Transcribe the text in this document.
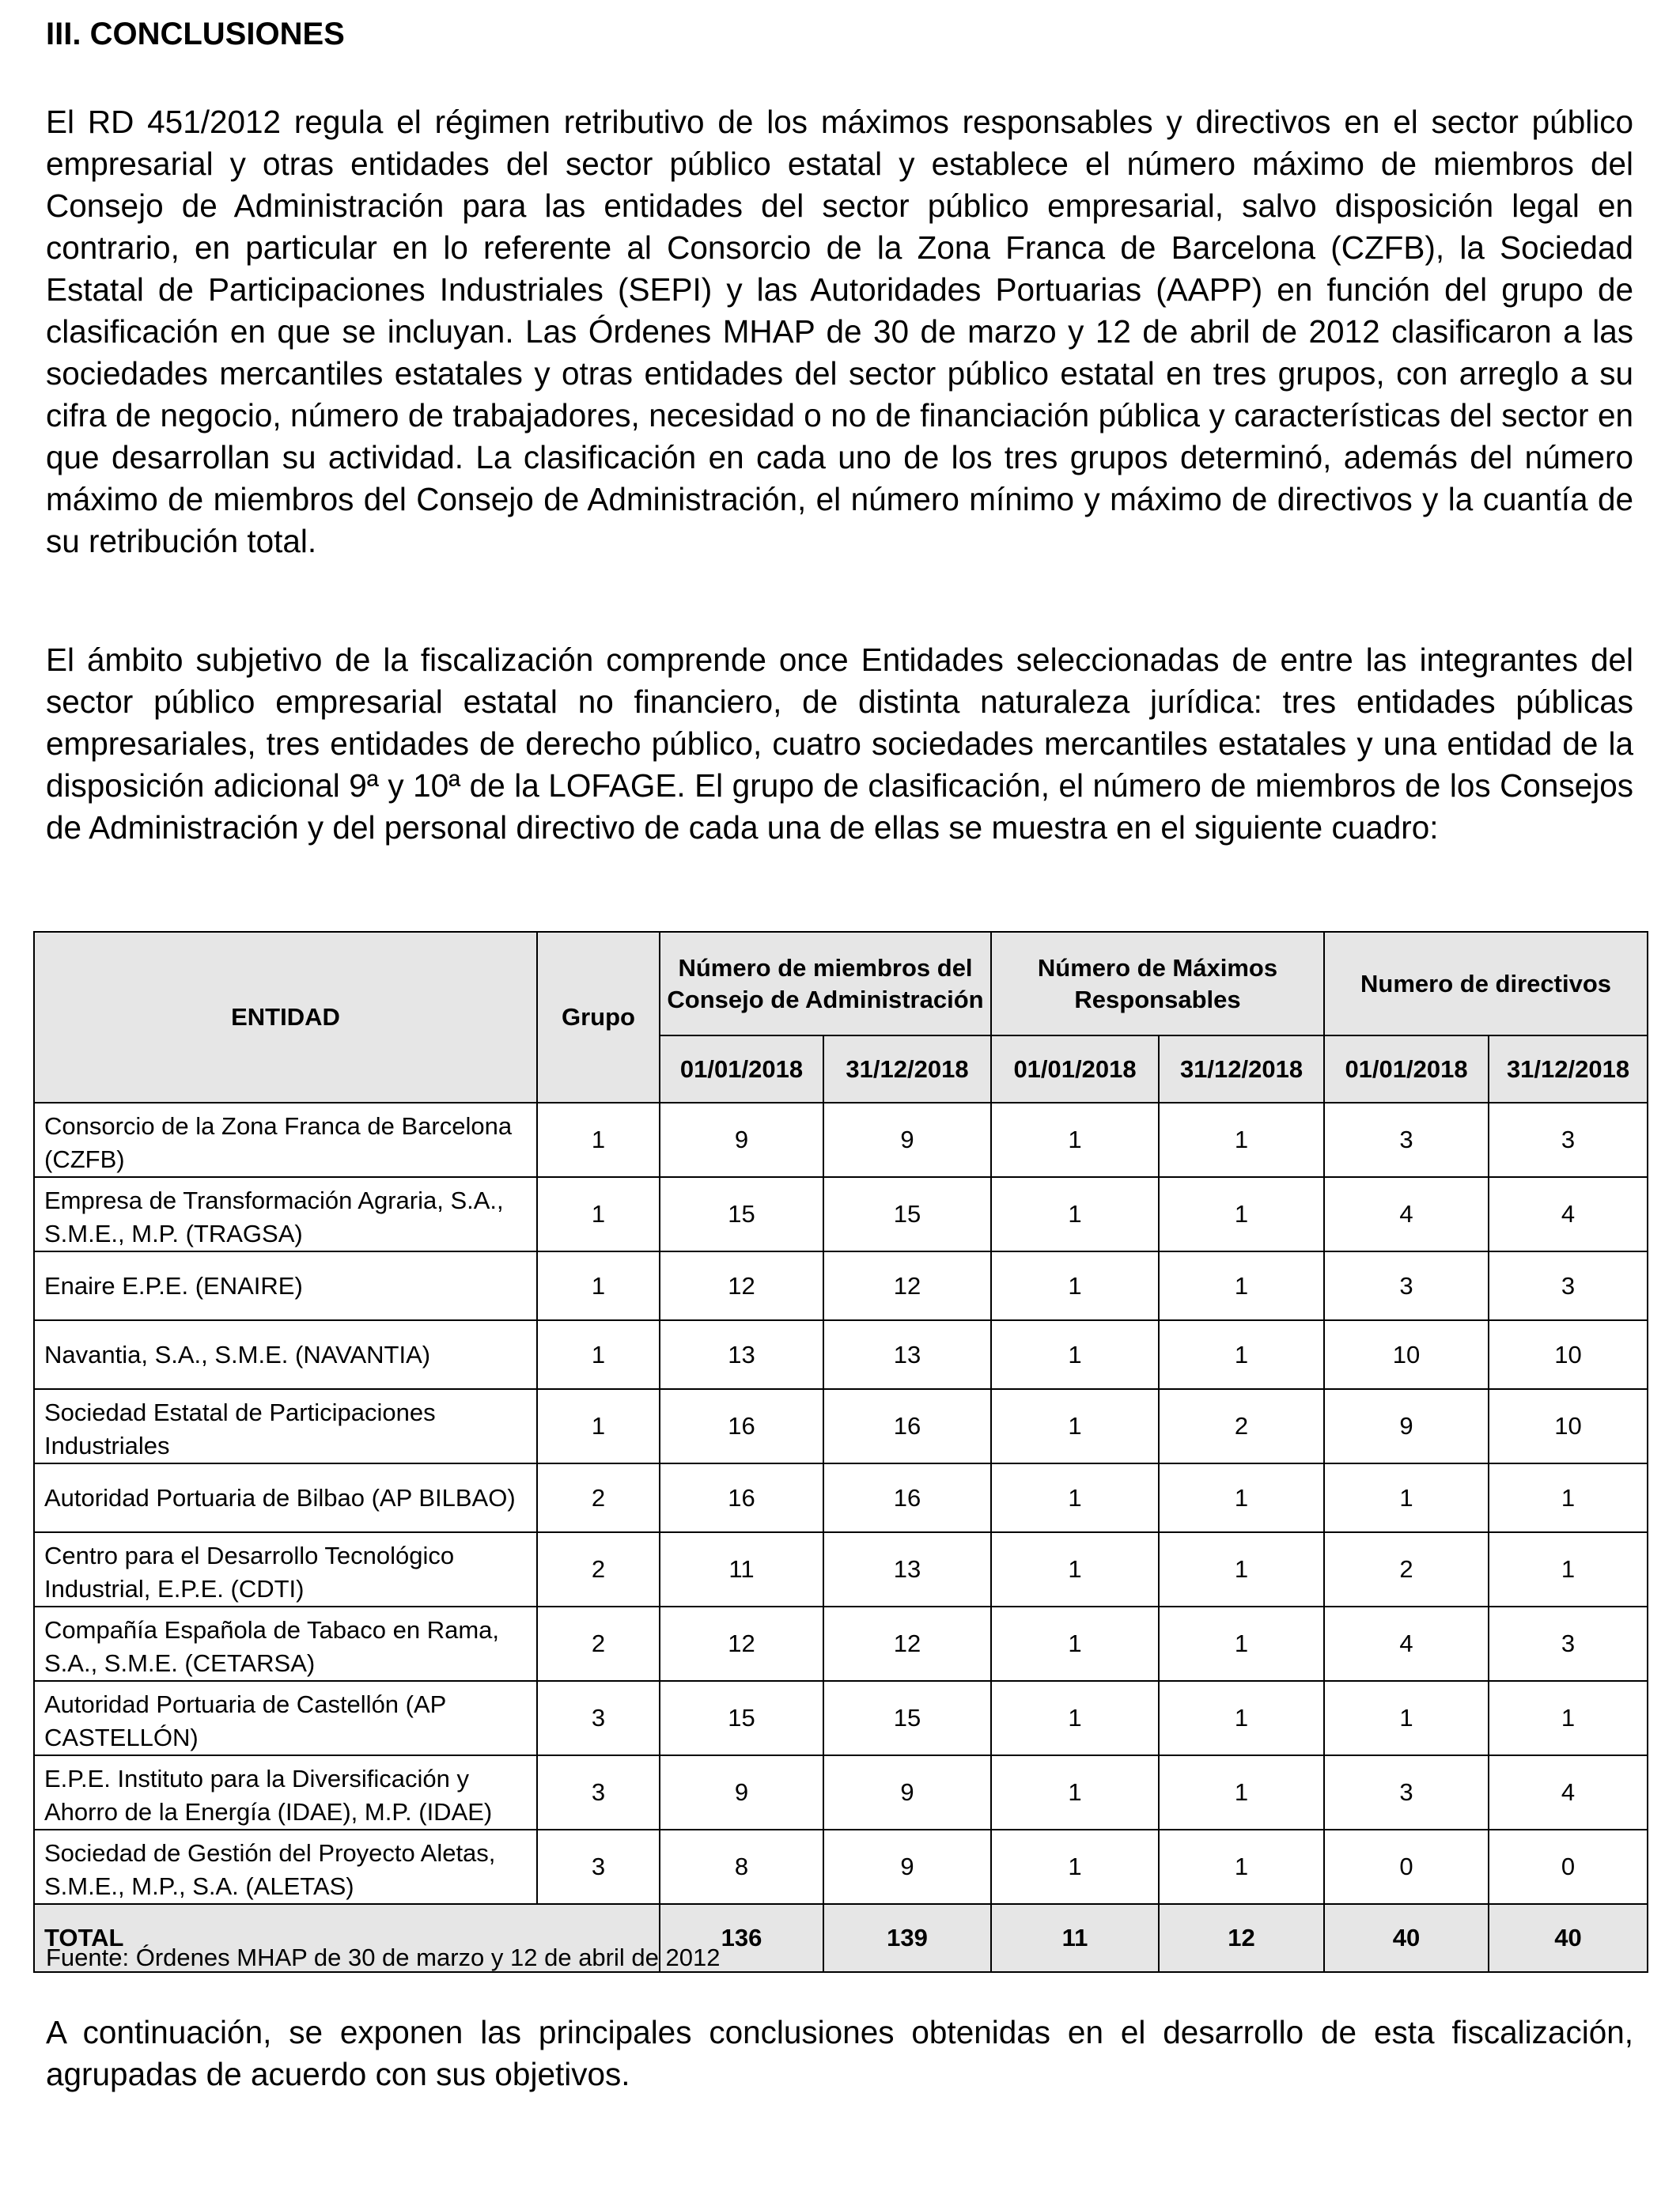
III. CONCLUSIONES

El RD 451/2012 regula el régimen retributivo de los máximos responsables y directivos en el sector público empresarial y otras entidades del sector público estatal y establece el número máximo de miembros del Consejo de Administración para las entidades del sector público empresarial, salvo disposición legal en contrario, en particular en lo referente al Consorcio de la Zona Franca de Barcelona (CZFB), la Sociedad Estatal de Participaciones Industriales (SEPI) y las Autoridades Portuarias (AAPP) en función del grupo de clasificación en que se incluyan. Las Órdenes MHAP de 30 de marzo y 12 de abril de 2012 clasificaron a las sociedades mercantiles estatales y otras entidades del sector público estatal en tres grupos, con arreglo a su cifra de negocio, número de trabajadores, necesidad o no de financiación pública y características del sector en que desarrollan su actividad. La clasificación en cada uno de los tres grupos determinó, además del número máximo de miembros del Consejo de Administración, el número mínimo y máximo de directivos y la cuantía de su retribución total.

El ámbito subjetivo de la fiscalización comprende once Entidades seleccionadas de entre las integrantes del sector público empresarial estatal no financiero, de distinta naturaleza jurídica: tres entidades públicas empresariales, tres entidades de derecho público, cuatro sociedades mercantiles estatales y una entidad de la disposición adicional 9ª y 10ª de la LOFAGE. El grupo de clasificación, el número de miembros de los Consejos de Administración y del personal directivo de cada una de ellas se muestra en el siguiente cuadro:

ENTIDAD	Grupo	Número de miembros del Consejo de Administración		Número de Máximos Responsables		Numero de directivos	
		01/01/2018	31/12/2018	01/01/2018	31/12/2018	01/01/2018	31/12/2018
Consorcio de la Zona Franca de Barcelona (CZFB)	1	9	9	1	1	3	3
Empresa de Transformación Agraria, S.A., S.M.E., M.P. (TRAGSA)	1	15	15	1	1	4	4
Enaire E.P.E. (ENAIRE)	1	12	12	1	1	3	3
Navantia, S.A., S.M.E. (NAVANTIA)	1	13	13	1	1	10	10
Sociedad Estatal de Participaciones Industriales	1	16	16	1	2	9	10
Autoridad Portuaria de Bilbao (AP BILBAO)	2	16	16	1	1	1	1
Centro para el Desarrollo Tecnológico Industrial, E.P.E. (CDTI)	2	11	13	1	1	2	1
Compañía Española de Tabaco en Rama, S.A., S.M.E. (CETARSA)	2	12	12	1	1	4	3
Autoridad Portuaria de Castellón (AP CASTELLÓN)	3	15	15	1	1	1	1
E.P.E. Instituto para la Diversificación y Ahorro de la Energía (IDAE), M.P. (IDAE)	3	9	9	1	1	3	4
Sociedad de Gestión del Proyecto Aletas, S.M.E., M.P., S.A. (ALETAS)	3	8	9	1	1	0	0
TOTAL		136	139	11	12	40	40
Fuente: Órdenes MHAP de 30 de marzo y 12 de abril de 2012

A continuación, se exponen las principales conclusiones obtenidas en el desarrollo de esta fiscalización, agrupadas de acuerdo con sus objetivos.
